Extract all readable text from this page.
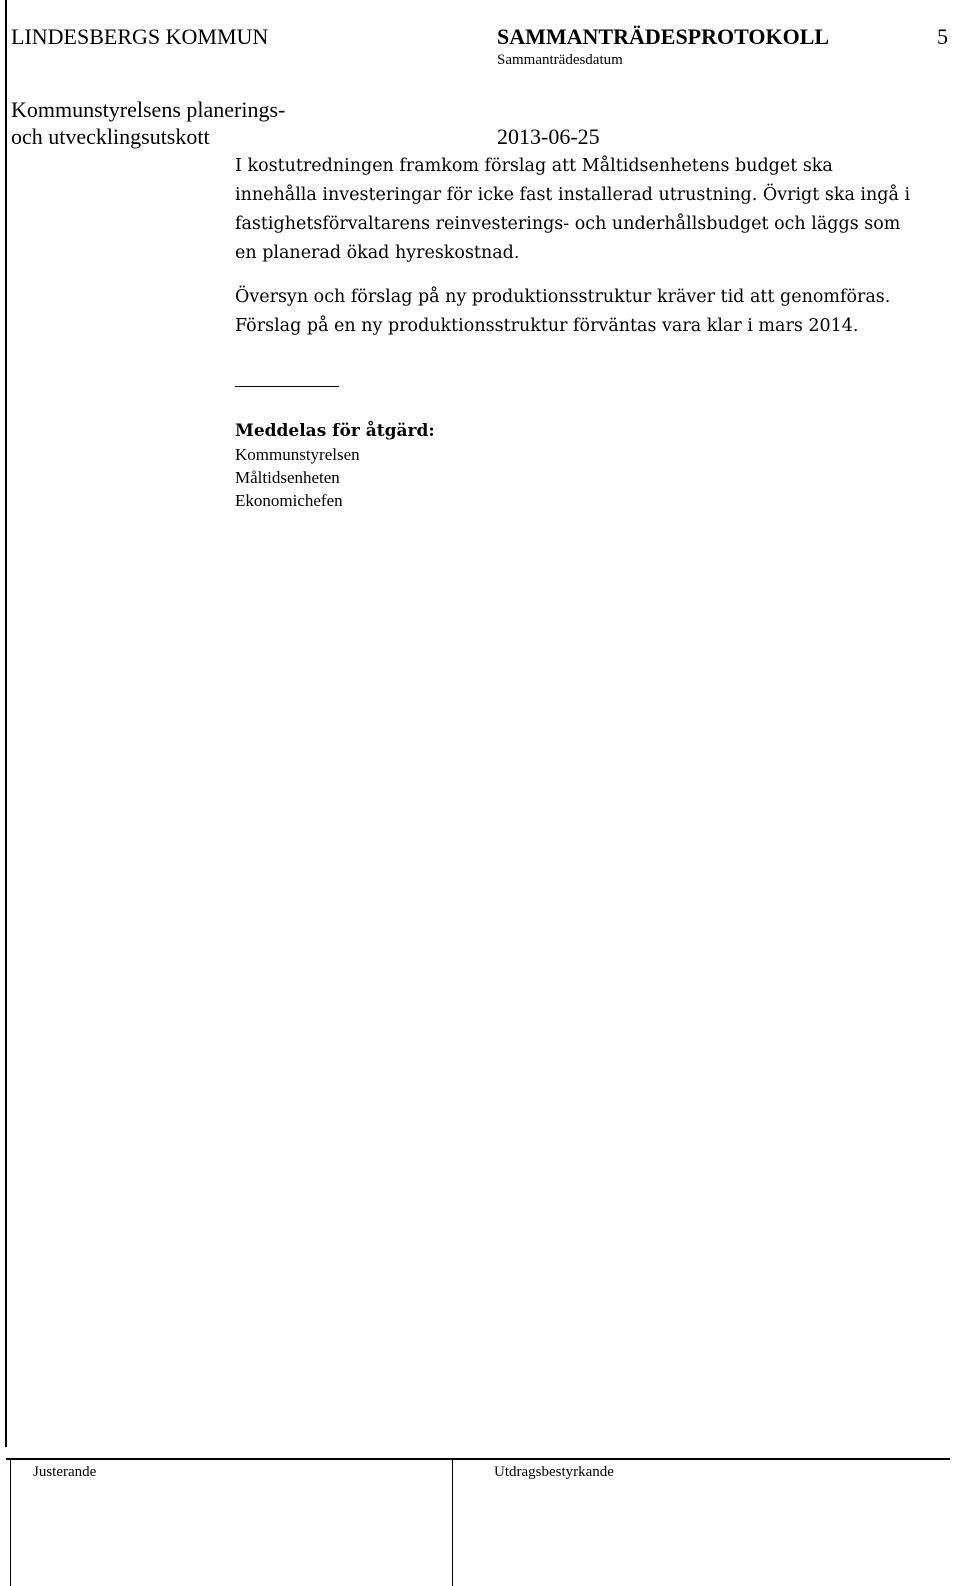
LINDESBERGS KOMMUN	SAMMANTRÄDESPROTOKOLL	5
Sammanträdesdatum
Kommunstyrelsens planerings-
och utvecklingsutskott	2013-06-25
I kostutredningen framkom förslag att Måltidsenhetens budget ska
innehålla investeringar för icke fast installerad utrustning. Övrigt ska ingå i
fastighetsförvaltarens reinvesterings- och underhållsbudget och läggs som
en planerad ökad hyreskostnad.
Översyn och förslag på ny produktionsstruktur kräver tid att genomföras.
Förslag på en ny produktionsstruktur förväntas vara klar i mars 2014.
Meddelas för åtgärd:
Kommunstyrelsen
Måltidsenheten
Ekonomichefen
Justerande	Utdragsbestyrkande
